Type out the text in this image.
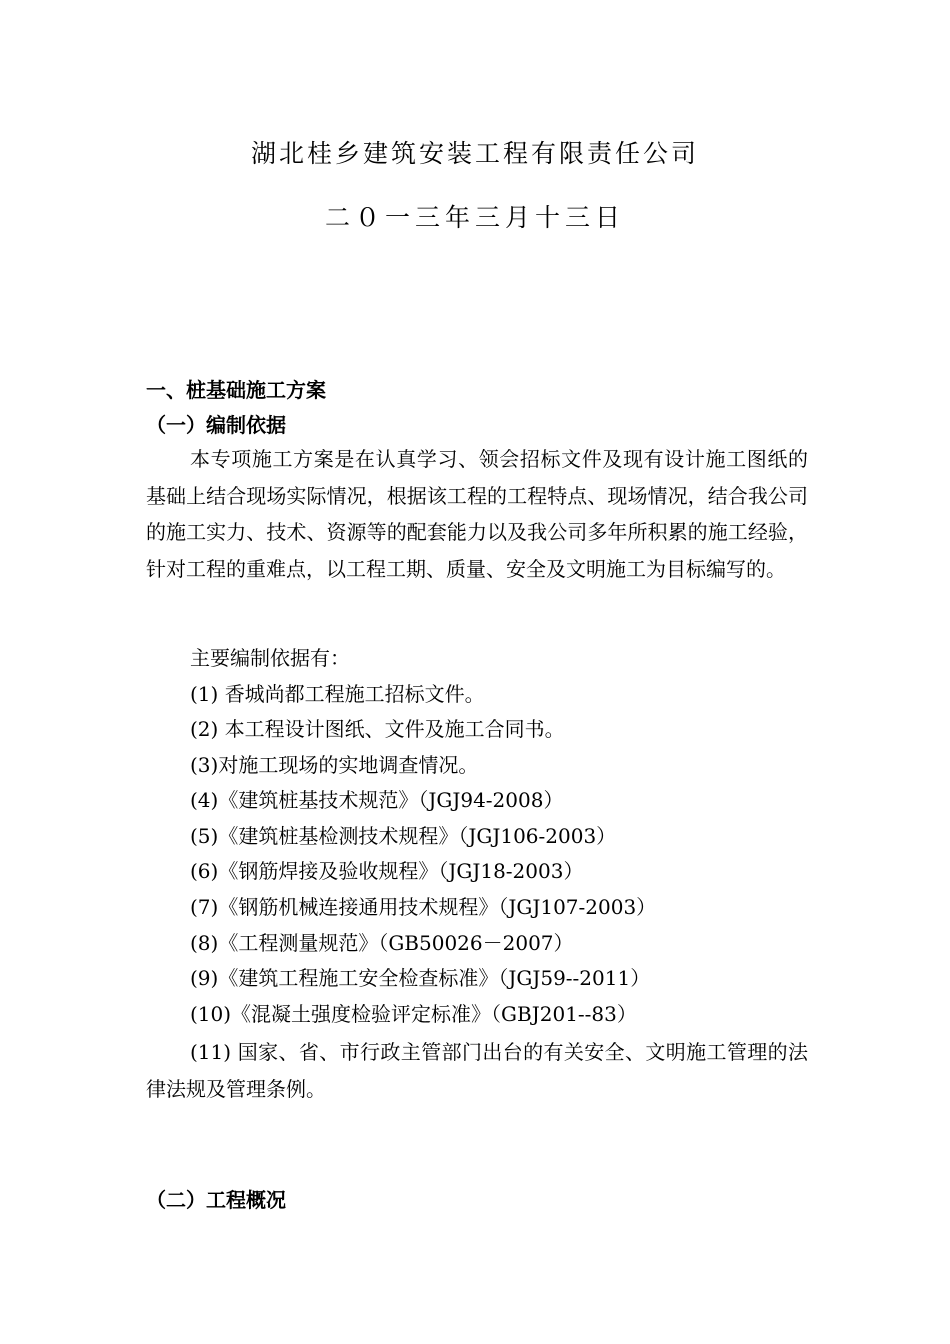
湖北桂乡建筑安装工程有限责任公司
二０一三年三月十三日
一、桩基础施工方案
（一）编制依据
本专项施工方案是在认真学习、领会招标文件及现有设计施工图纸的基础上结合现场实际情况，根据该工程的工程特点、现场情况，结合我公司的施工实力、技术、资源等的配套能力以及我公司多年所积累的施工经验，针对工程的重难点，以工程工期、质量、安全及文明施工为目标编写的。
主要编制依据有：
(1) 香城尚都工程施工招标文件。
(2) 本工程设计图纸、文件及施工合同书。
(3)对施工现场的实地调查情况。
(4)《建筑桩基技术规范》（JGJ94-2008）
(5)《建筑桩基检测技术规程》（JGJ106-2003）
(6)《钢筋焊接及验收规程》（JGJ18-2003）
(7)《钢筋机械连接通用技术规程》（JGJ107-2003）
(8)《工程测量规范》（GB50026－2007）
(9)《建筑工程施工安全检查标准》（JGJ59--2011）
(10)《混凝土强度检验评定标准》（GBJ201--83）
(11) 国家、省、市行政主管部门出台的有关安全、文明施工管理的法律法规及管理条例。
（二）工程概况
